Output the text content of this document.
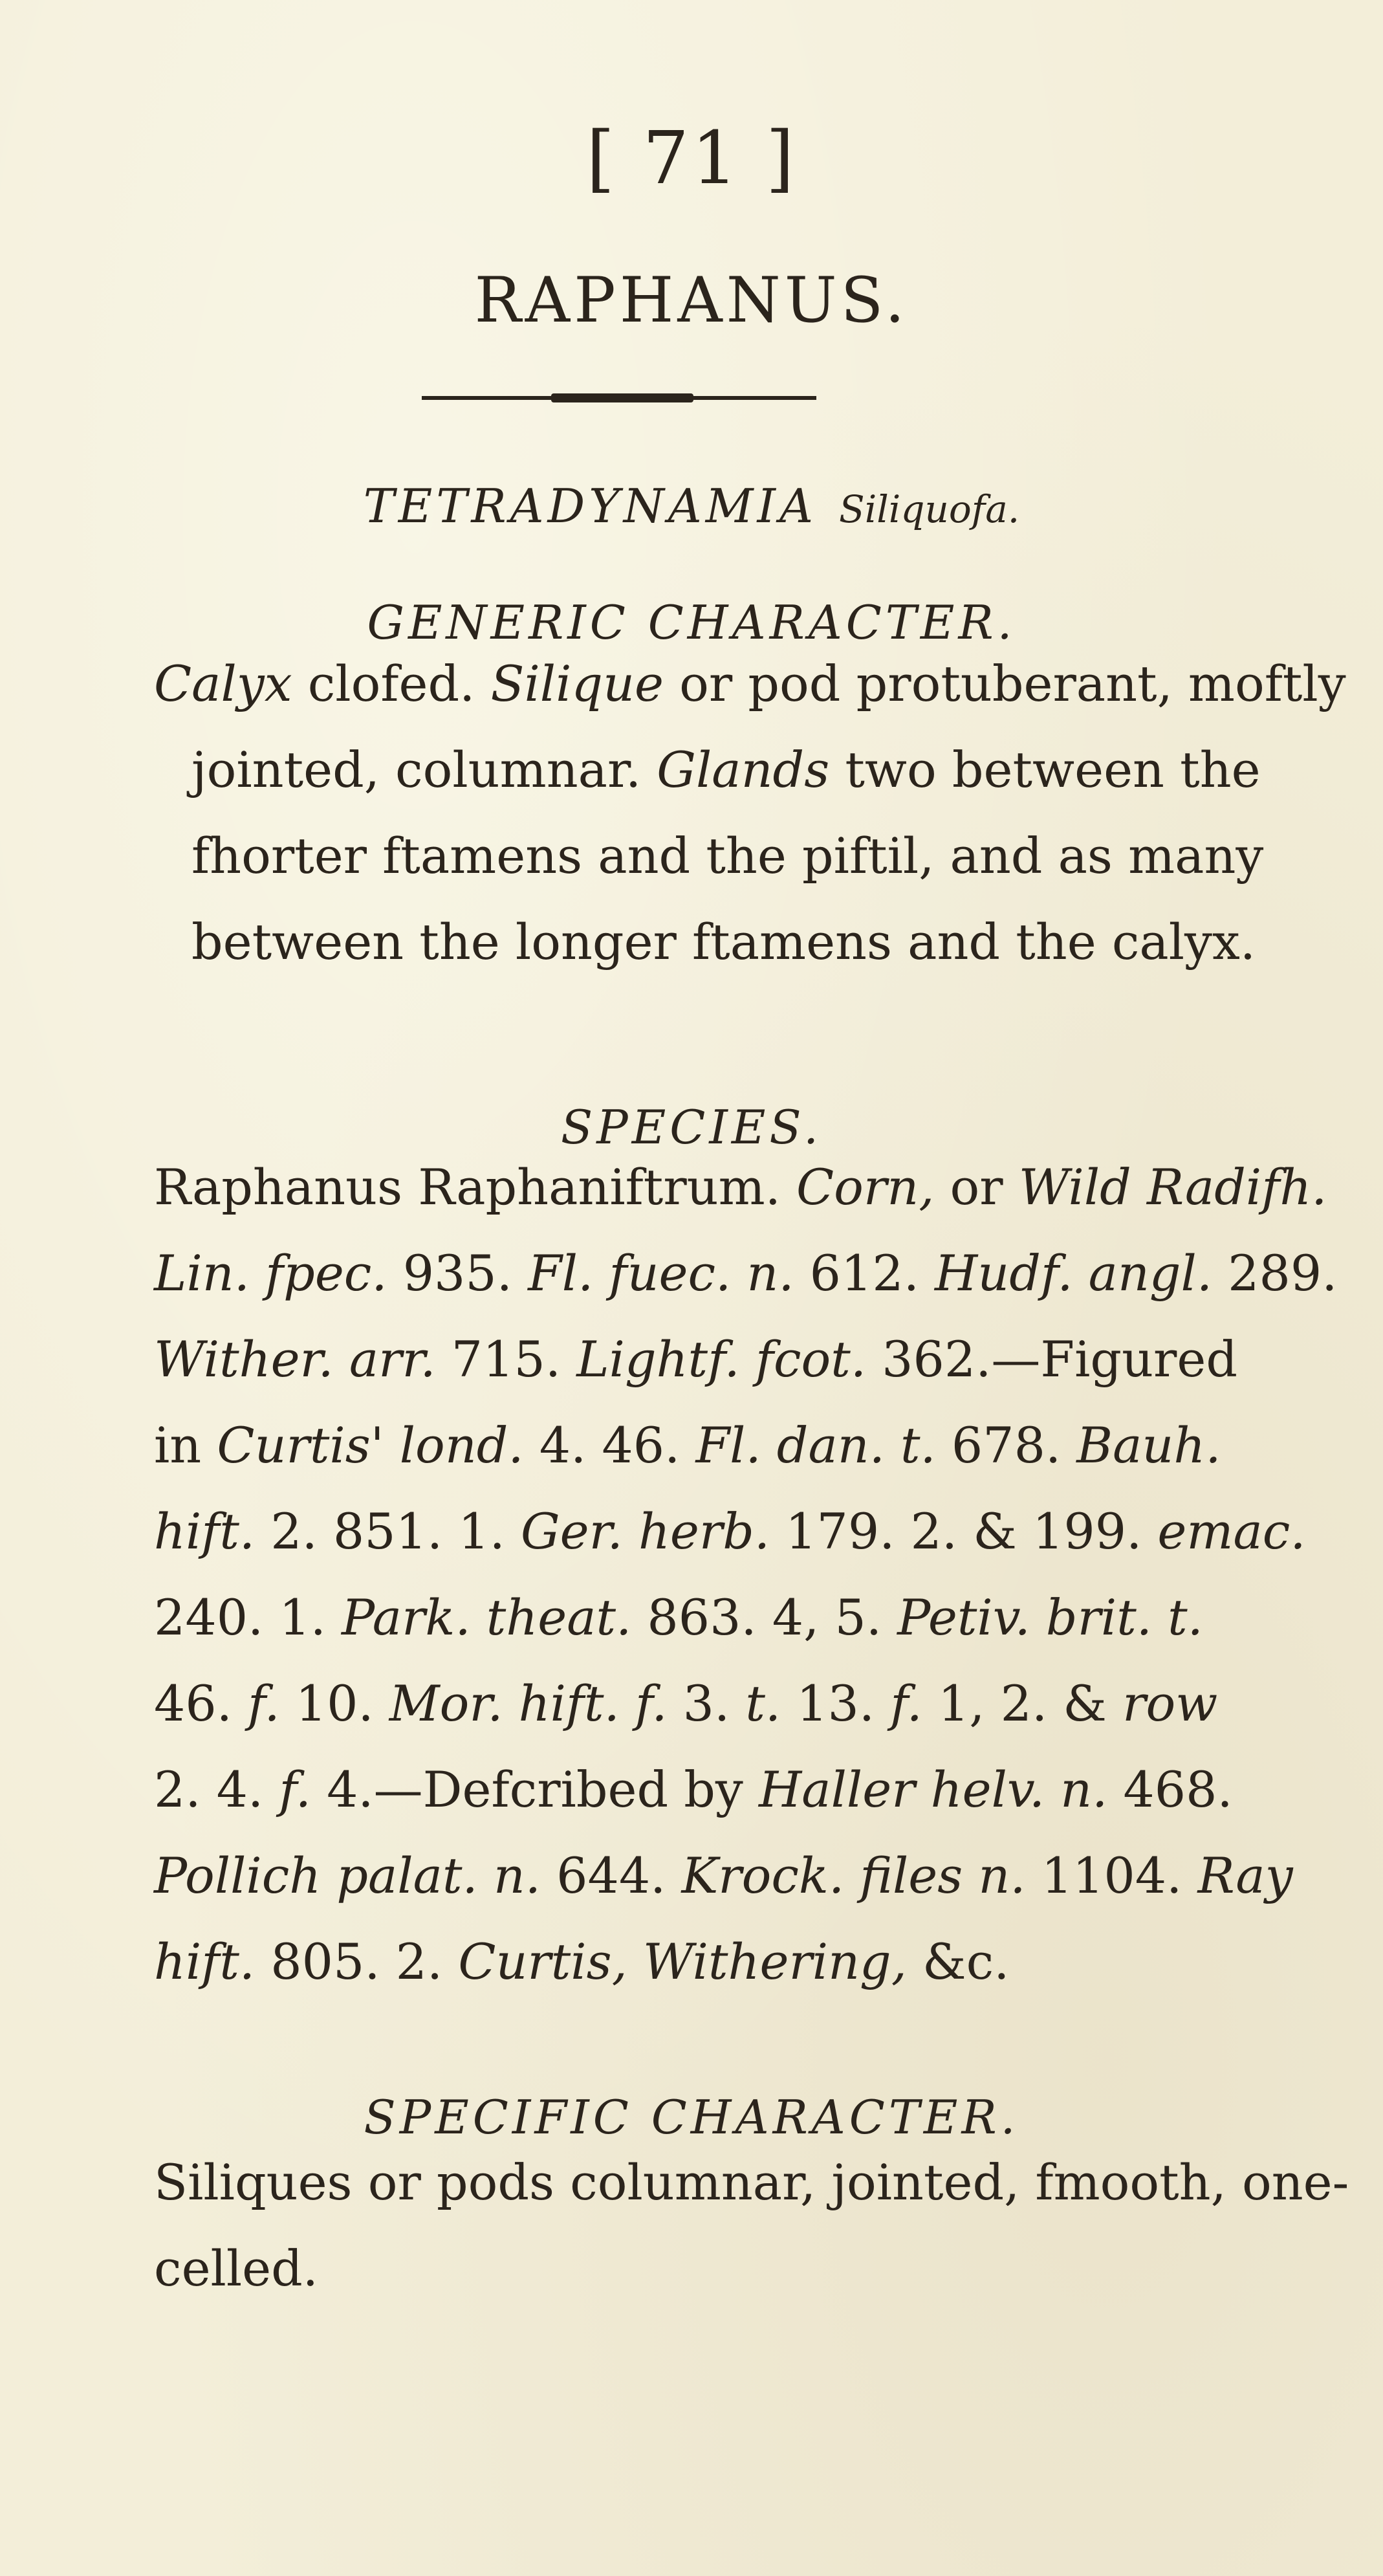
[ 71 ]
RAPHANUS.
TETRADYNAMIA Siliquofa.
GENERIC CHARACTER.
Calyx clofed. Silique or pod protuberant, moftly
jointed, columnar. Glands two between the
fhorter ftamens and the piftil, and as many
between the longer ftamens and the calyx.
SPECIES.
Raphanus Raphaniftrum. Corn, or Wild Radifh.
Lin. fpec. 935. Fl. fuec. n. 612. Hudf. angl. 289.
Wither. arr. 715. Lightf. fcot. 362.—Figured
in Curtis' lond. 4. 46. Fl. dan. t. 678. Bauh.
hift. 2. 851. 1. Ger. herb. 179. 2. & 199. emac.
240. 1. Park. theat. 863. 4, 5. Petiv. brit. t.
46. f. 10. Mor. hift. f. 3. t. 13. f. 1, 2. & row
2. 4. f. 4.—Defcribed by Haller helv. n. 468.
Pollich palat. n. 644. Krock. files n. 1104. Ray
hift. 805. 2. Curtis, Withering, &c.
SPECIFIC CHARACTER.
Siliques or pods columnar, jointed, fmooth, one-
celled.
